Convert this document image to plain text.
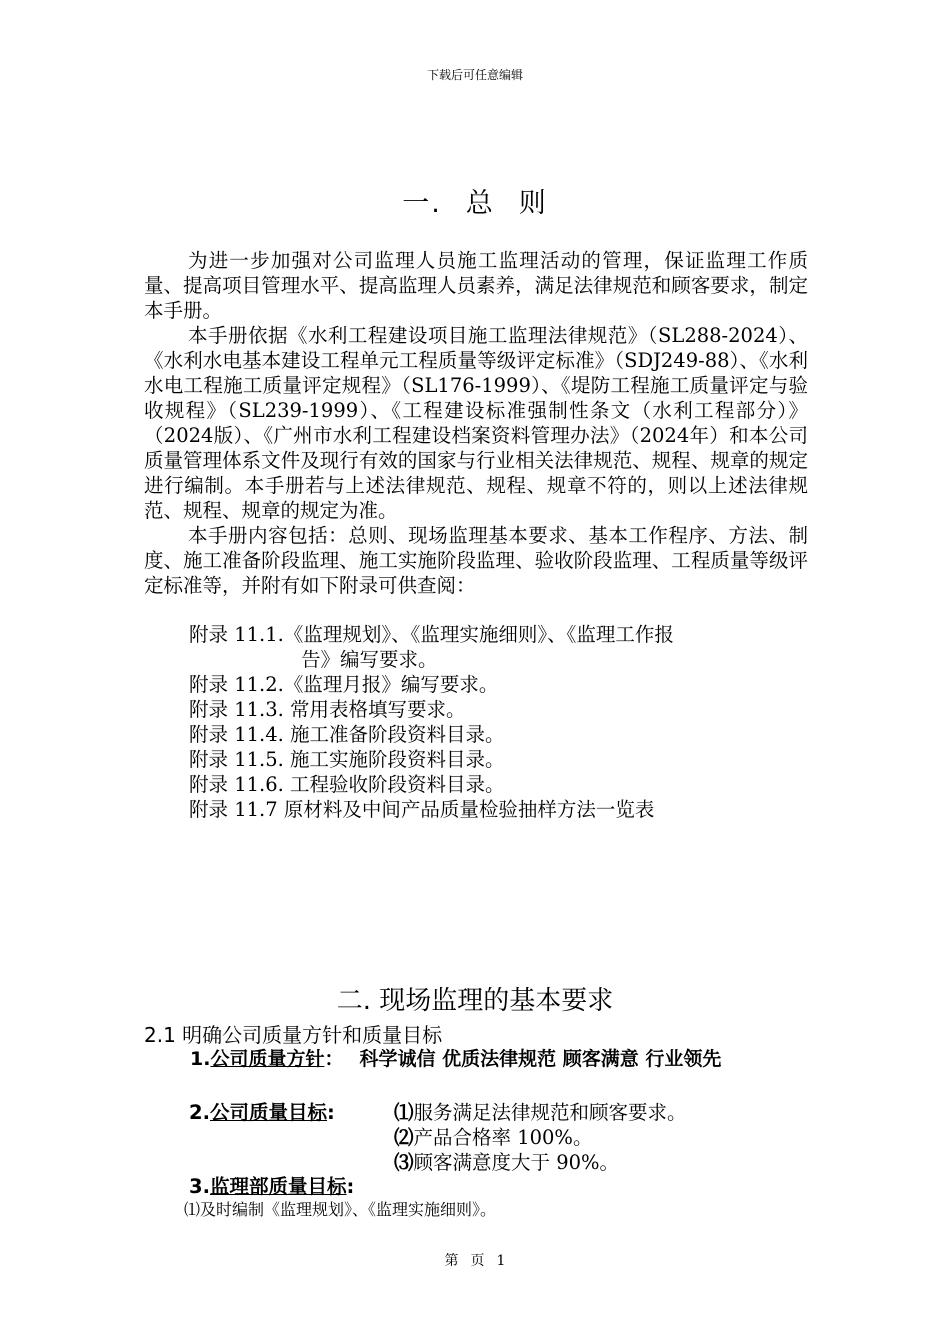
下载后可任意编辑
一. 总 则

为进一步加强对公司监理人员施工监理活动的管理，保证监理工作质量、提高项目管理水平、提高监理人员素养，满足法律规范和顾客要求，制定本手册。

本手册依据《水利工程建设项目施工监理法律规范》（SL288-2024）、《水利水电基本建设工程单元工程质量等级评定标准》（SDJ249-88）、《水利水电工程施工质量评定规程》（SL176-1999）、《堤防工程施工质量评定与验收规程》（SL239-1999）、《工程建设标准强制性条文（水利工程部分）》（2024版）、《广州市水利工程建设档案资料管理办法》（2024年）和本公司质量管理体系文件及现行有效的国家与行业相关法律规范、规程、规章的规定进行编制。本手册若与上述法律规范、规程、规章不符的，则以上述法律规范、规程、规章的规定为准。

本手册内容包括：总则、现场监理基本要求、基本工作程序、方法、制度、施工准备阶段监理、施工实施阶段监理、验收阶段监理、工程质量等级评定标准等，并附有如下附录可供查阅：

附录 11.1.《监理规划》、《监理实施细则》、《监理工作报
告》编写要求。
附录 11.2.《监理月报》编写要求。
附录 11.3. 常用表格填写要求。
附录 11.4. 施工准备阶段资料目录。
附录 11.5. 施工实施阶段资料目录。
附录 11.6. 工程验收阶段资料目录。
附录 11.7 原材料及中间产品质量检验抽样方法一览表
二. 现场监理的基本要求
2.1 明确公司质量方针和质量目标
1.公司质量方针： 科学诚信 优质法律规范 顾客满意 行业领先
2.公司质量目标:	⑴服务满足法律规范和顾客要求。
⑵产品合格率 100%。
⑶顾客满意度大于 90%。
3.监理部质量目标:
⑴及时编制《监理规划》、《监理实施细则》。
第 页 1
